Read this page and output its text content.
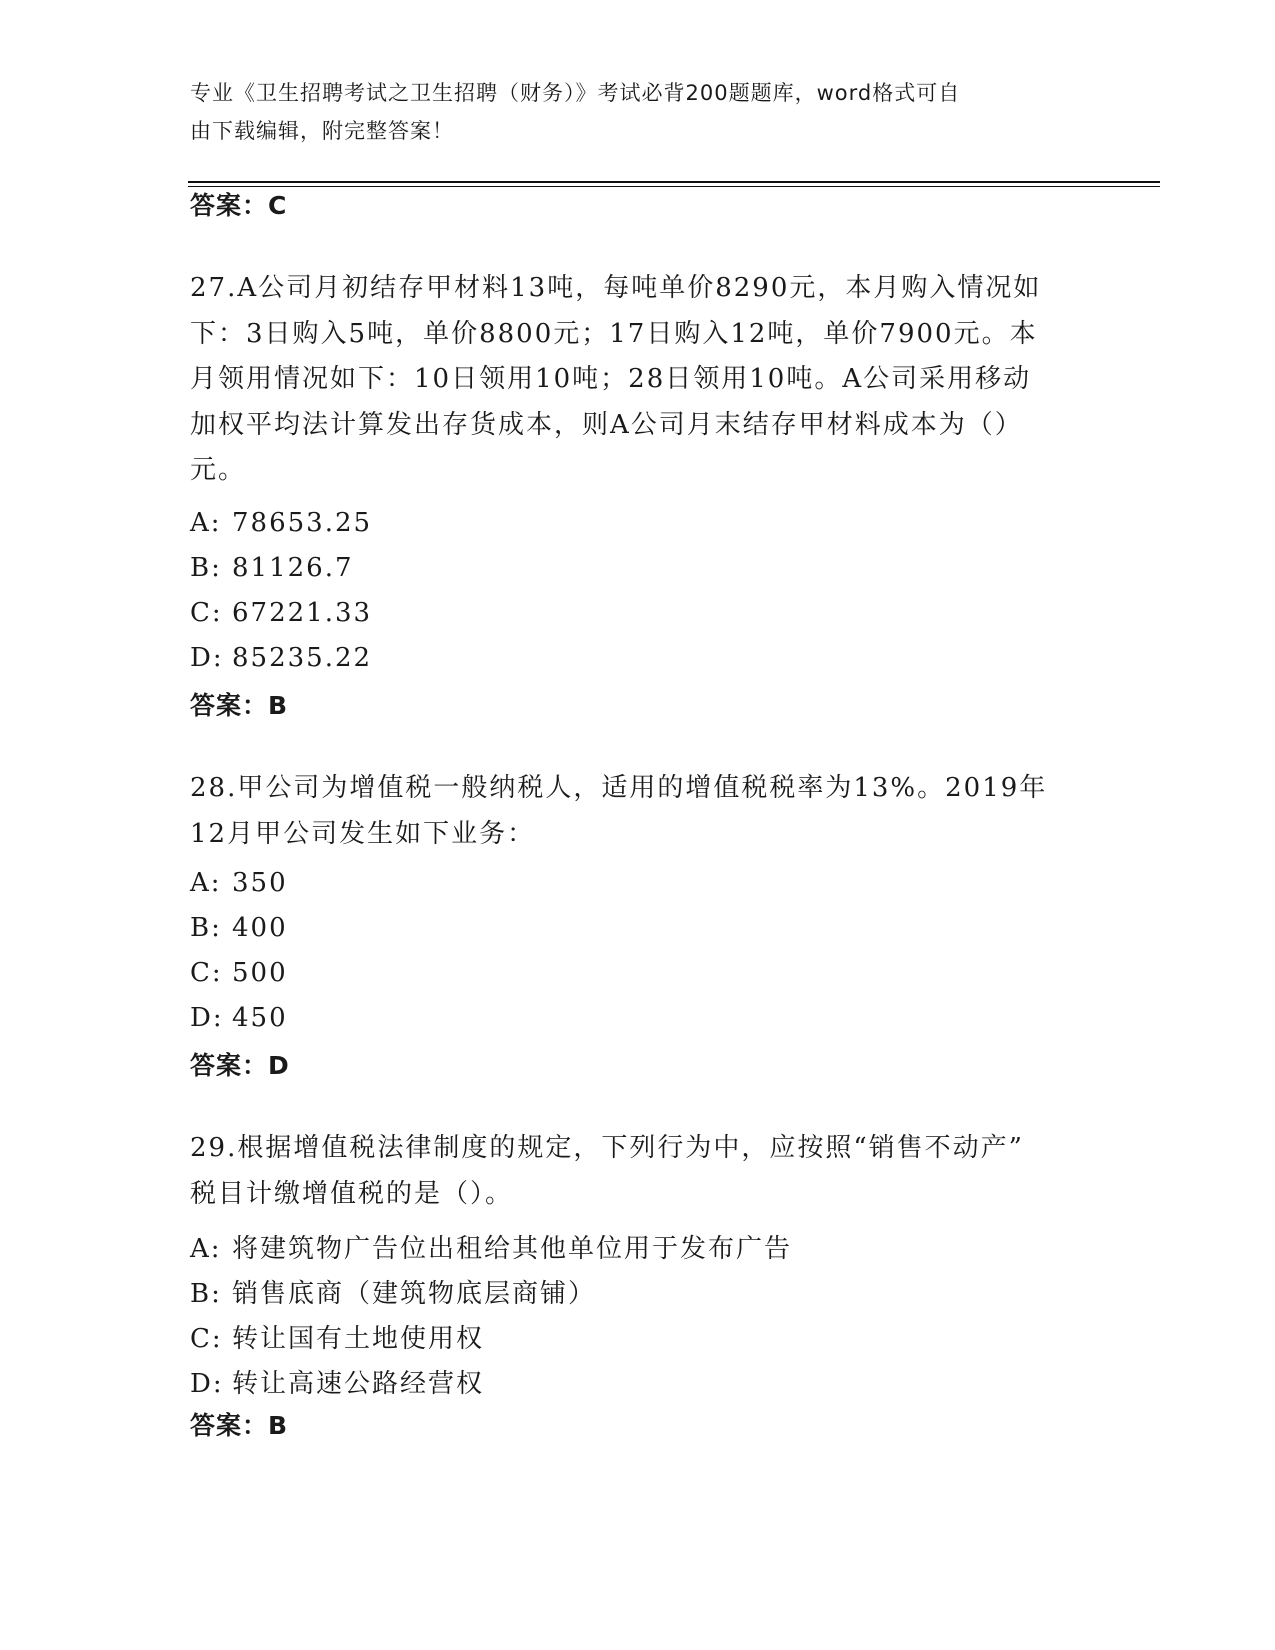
专业《卫生招聘考试之卫生招聘（财务）》考试必背200题题库，word格式可自
由下载编辑，附完整答案！
答案：C
27.A公司月初结存甲材料13吨，每吨单价8290元，本月购入情况如
下：3日购入5吨，单价8800元；17日购入12吨，单价7900元。本
月领用情况如下：10日领用10吨；28日领用10吨。A公司采用移动
加权平均法计算发出存货成本，则A公司月末结存甲材料成本为（）
元。
A: 78653.25
B: 81126.7
C: 67221.33
D: 85235.22
答案：B
28.甲公司为增值税一般纳税人，适用的增值税税率为13%。2019年
12月甲公司发生如下业务：
A: 350
B: 400
C: 500
D: 450
答案：D
29.根据增值税法律制度的规定，下列行为中，应按照“销售不动产”
税目计缴增值税的是（）。
A: 将建筑物广告位出租给其他单位用于发布广告
B: 销售底商（建筑物底层商铺）
C: 转让国有土地使用权
D: 转让高速公路经营权
答案：B
